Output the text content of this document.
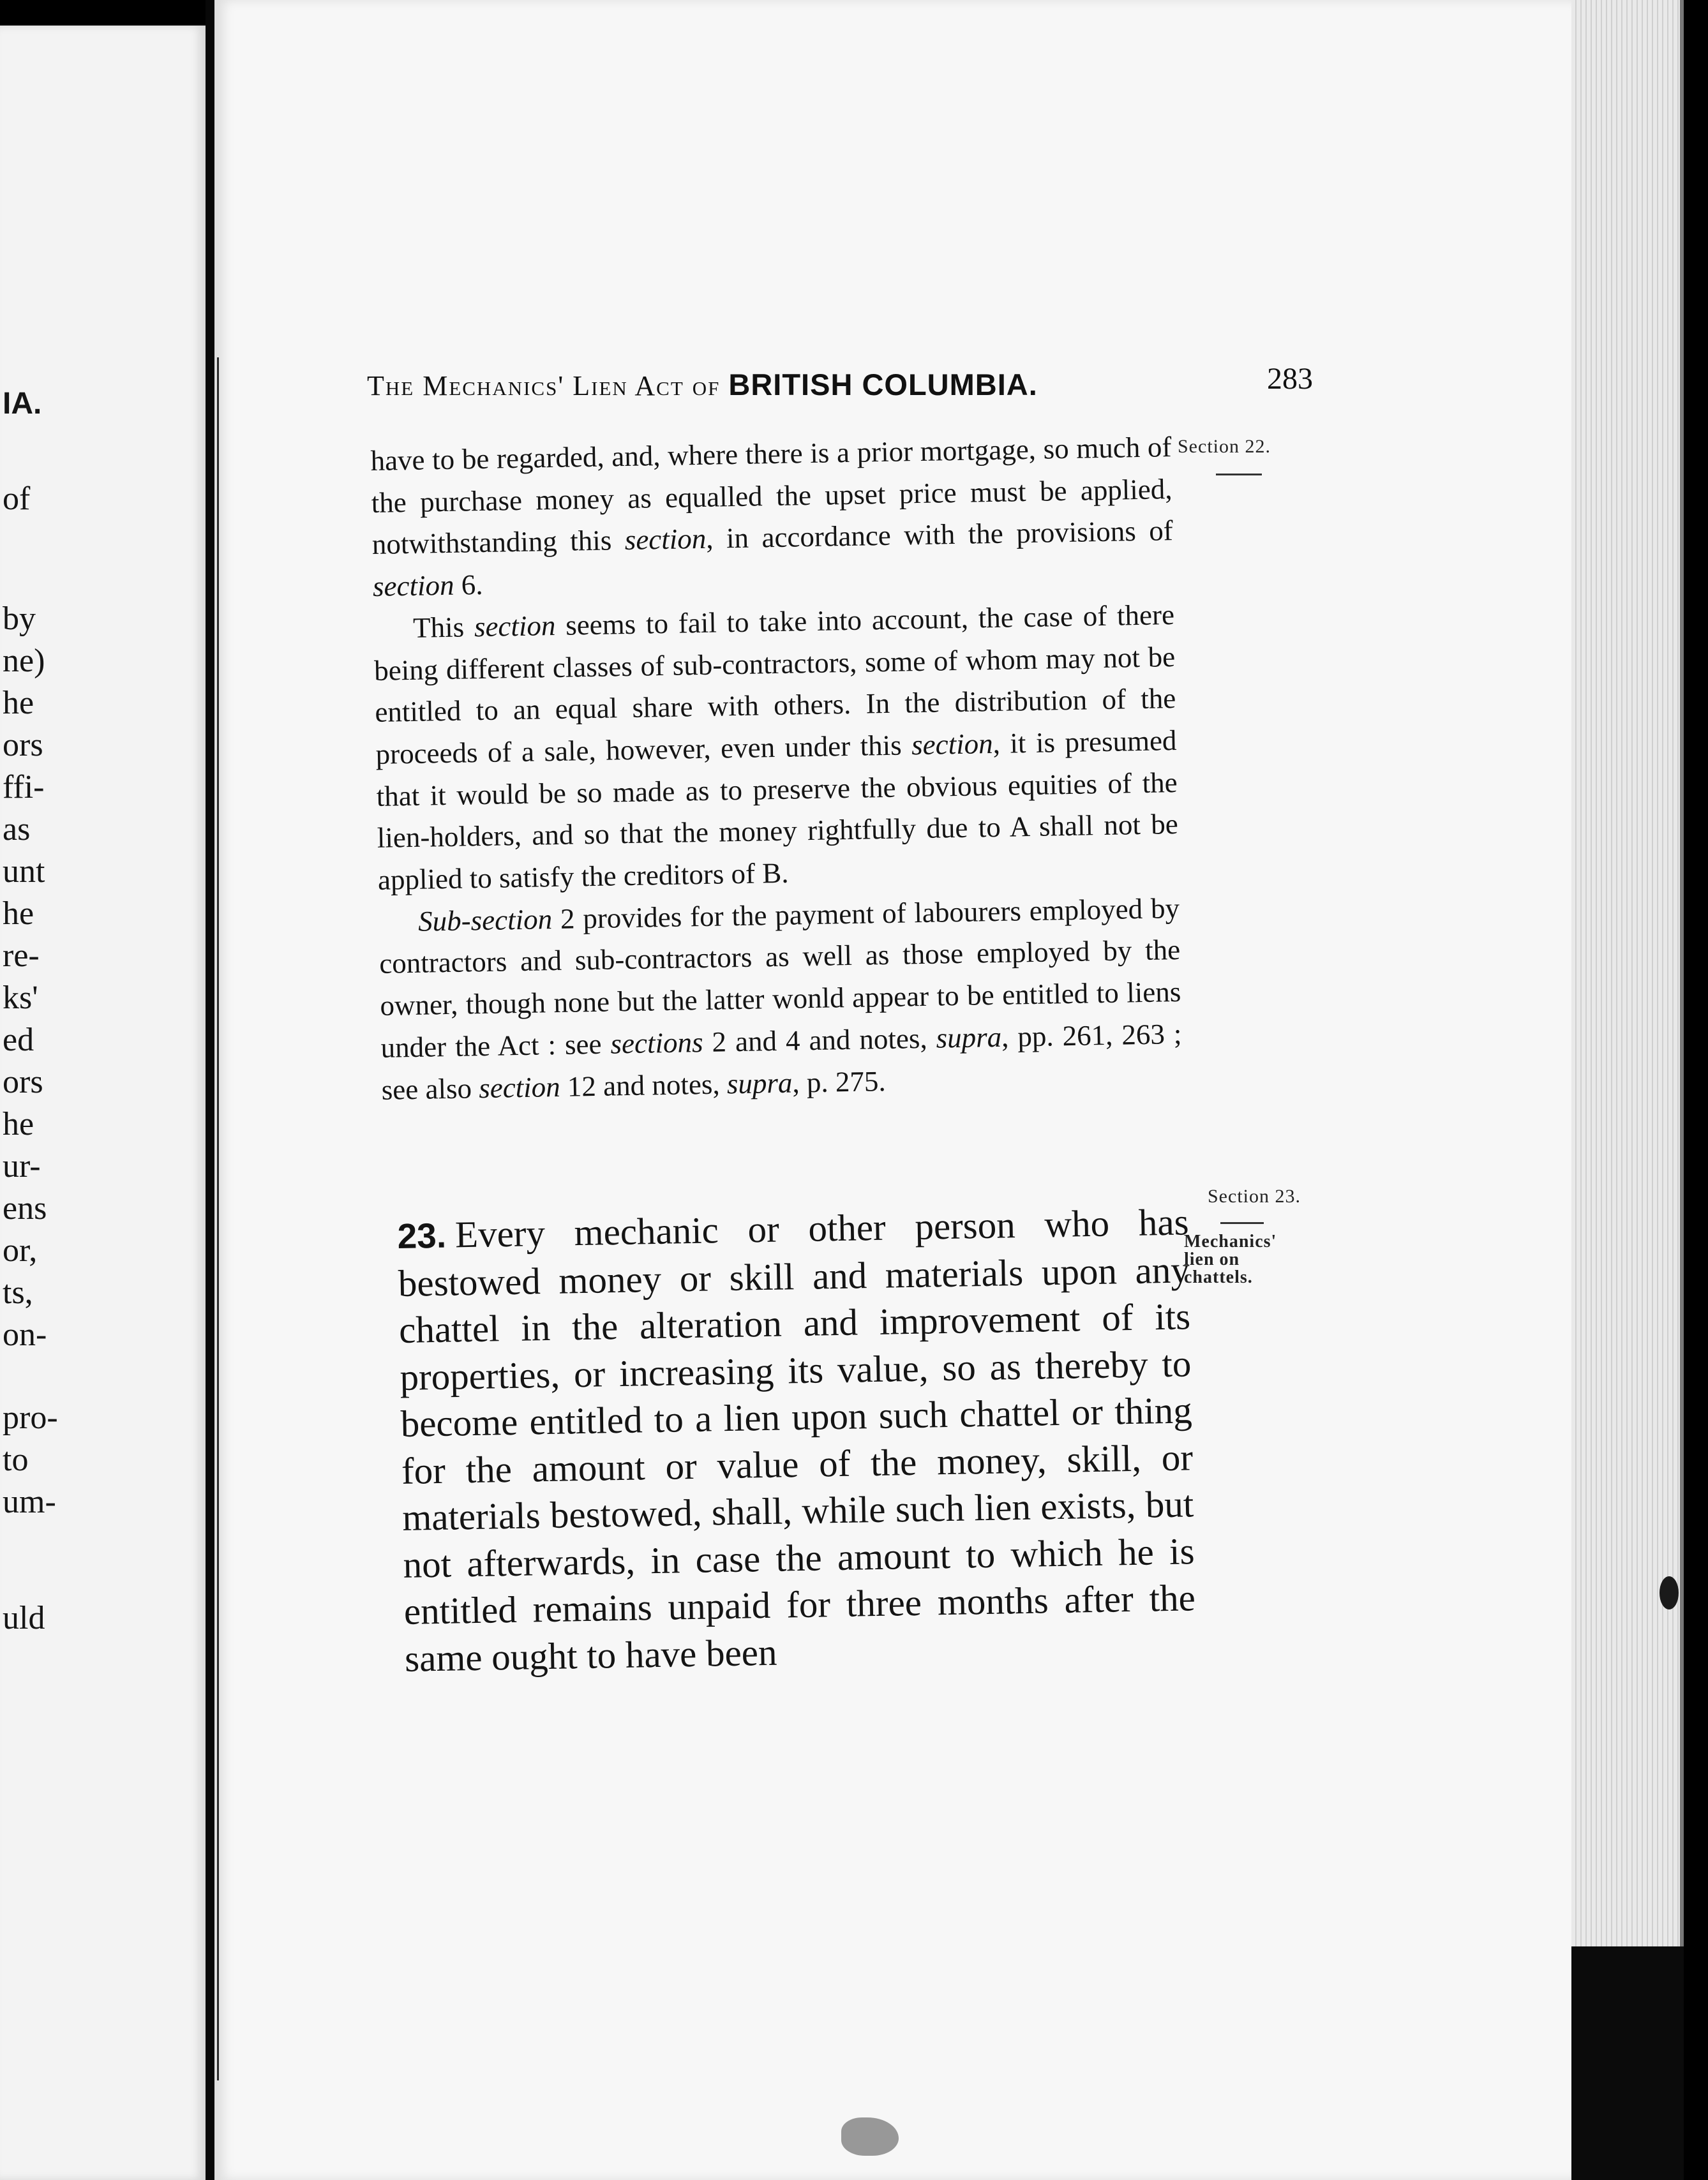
IA.

of

by

ne)

he

ors

ffi-

as

unt

he

re-

ks'

ed

ors

he

ur-

ens

or,

ts,

on-

pro-

to

um-

uld

The Mechanics' Lien Act of BRITISH COLUMBIA.	283

Section 22.

Section 23.

Mechanics'
lien on
chattels.

have to be regarded, and, where there is a prior mortgage, so much of the purchase money as equalled the upset price must be applied, notwithstanding this section, in accordance with the provisions of section 6.

This section seems to fail to take into account, the case of there being different classes of sub-contractors, some of whom may not be entitled to an equal share with others. In the distribution of the proceeds of a sale, however, even under this section, it is presumed that it would be so made as to preserve the obvious equities of the lien-holders, and so that the money rightfully due to A shall not be applied to satisfy the creditors of B.

Sub-section 2 provides for the payment of labourers employed by contractors and sub-contractors as well as those employed by the owner, though none but the latter wonld appear to be entitled to liens under the Act : see sections 2 and 4 and notes, supra, pp. 261, 263 ; see also section 12 and notes, supra, p. 275.

23. Every mechanic or other person who has bestowed money or skill and materials upon any chattel in the alteration and improvement of its properties, or increasing its value, so as thereby to become entitled to a lien upon such chattel or thing for the amount or value of the money, skill, or materials bestowed, shall, while such lien exists, but not afterwards, in case the amount to which he is entitled remains unpaid for three months after the same ought to have been
